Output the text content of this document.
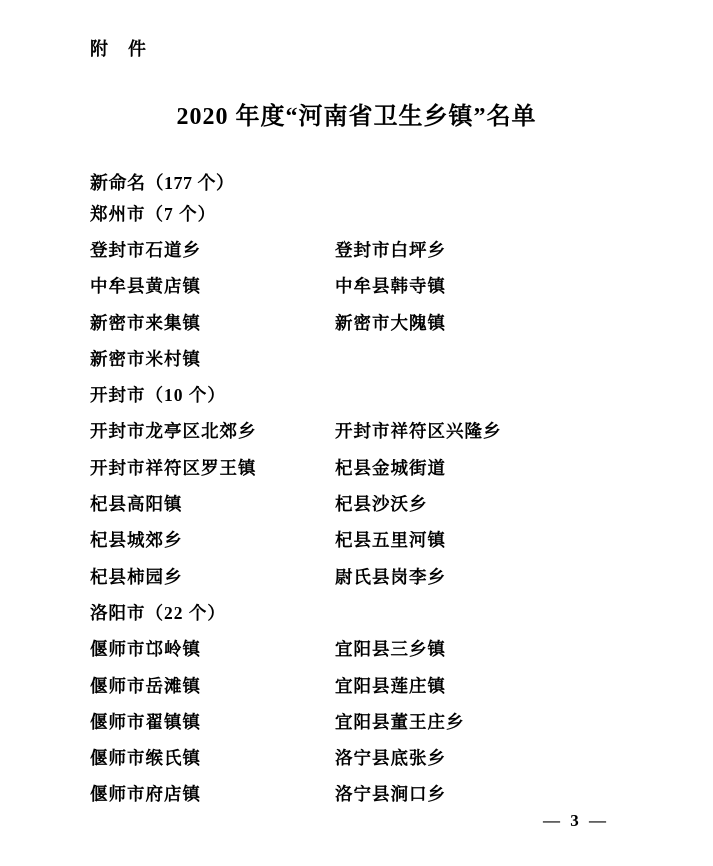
附　件
2020 年度“河南省卫生乡镇”名单
新命名（177 个）
郑州市（7 个）
登封市石道乡	登封市白坪乡
中牟县黄店镇	中牟县韩寺镇
新密市来集镇	新密市大隗镇
新密市米村镇
开封市（10 个）
开封市龙亭区北郊乡	开封市祥符区兴隆乡
开封市祥符区罗王镇	杞县金城街道
杞县高阳镇	杞县沙沃乡
杞县城郊乡	杞县五里河镇
杞县柿园乡	尉氏县岗李乡
洛阳市（22 个）
偃师市邙岭镇	宜阳县三乡镇
偃师市岳滩镇	宜阳县莲庄镇
偃师市翟镇镇	宜阳县董王庄乡
偃师市缑氏镇	洛宁县底张乡
偃师市府店镇	洛宁县涧口乡
— 3 —
